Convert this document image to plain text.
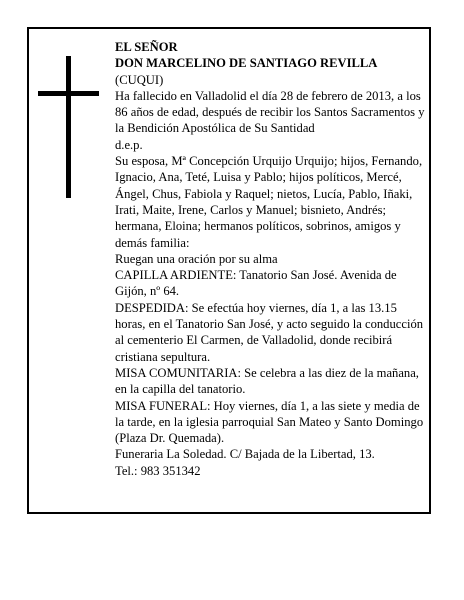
EL SEÑOR

DON MARCELINO DE SANTIAGO REVILLA

(CUQUI)

Ha fallecido en Valladolid el día 28 de febrero de 2013, a los 86 años de edad, después de recibir los Santos Sacramentos y la Bendición Apostólica de Su Santidad

d.e.p.

Su esposa, Mª Concepción Urquijo Urquijo; hijos, Fernando, Ignacio, Ana, Teté, Luisa y Pablo; hijos políticos, Mercé, Ángel, Chus, Fabiola y Raquel; nietos, Lucía, Pablo, Iñaki, Irati, Maite, Irene, Carlos y Manuel; bisnieto, Andrés; hermana, Eloina; hermanos políticos, sobrinos, amigos y demás familia:

Ruegan una oración por su alma

CAPILLA ARDIENTE: Tanatorio San José. Avenida de Gijón, nº 64.

DESPEDIDA: Se efectúa hoy viernes, día 1, a las 13.15 horas, en el Tanatorio San José, y acto seguido la conducción al cementerio El Carmen, de Valladolid, donde recibirá cristiana sepultura.

MISA COMUNITARIA: Se celebra a las diez de la mañana, en la capilla del tanatorio.

MISA FUNERAL: Hoy viernes, día 1, a las siete y media de la tarde, en la iglesia parroquial San Mateo y Santo Domingo (Plaza Dr. Quemada).

Funeraria La Soledad. C/ Bajada de la Libertad, 13.

Tel.: 983 351342
